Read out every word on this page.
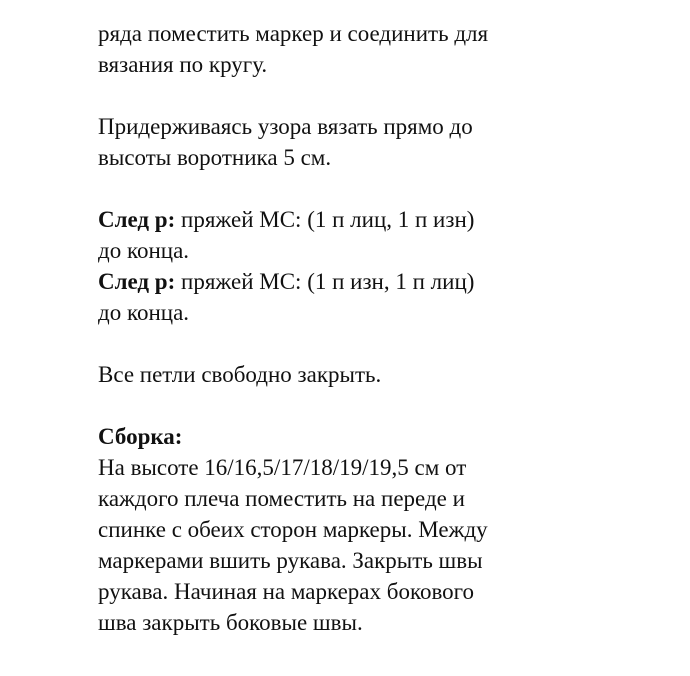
ряда поместить маркер и соединить для
вязания по кругу.
Придерживаясь узора вязать прямо до
высоты воротника 5 см.
След р: пряжей МС: (1 п лиц, 1 п изн)
до конца.
След р: пряжей МС: (1 п изн, 1 п лиц)
до конца.
Все петли свободно закрыть.
Сборка:
На высоте 16/16,5/17/18/19/19,5 см от
каждого плеча поместить на переде и
спинке с обеих сторон маркеры. Между
маркерами вшить рукава. Закрыть швы
рукава. Начиная на маркерах бокового
шва закрыть боковые швы.
